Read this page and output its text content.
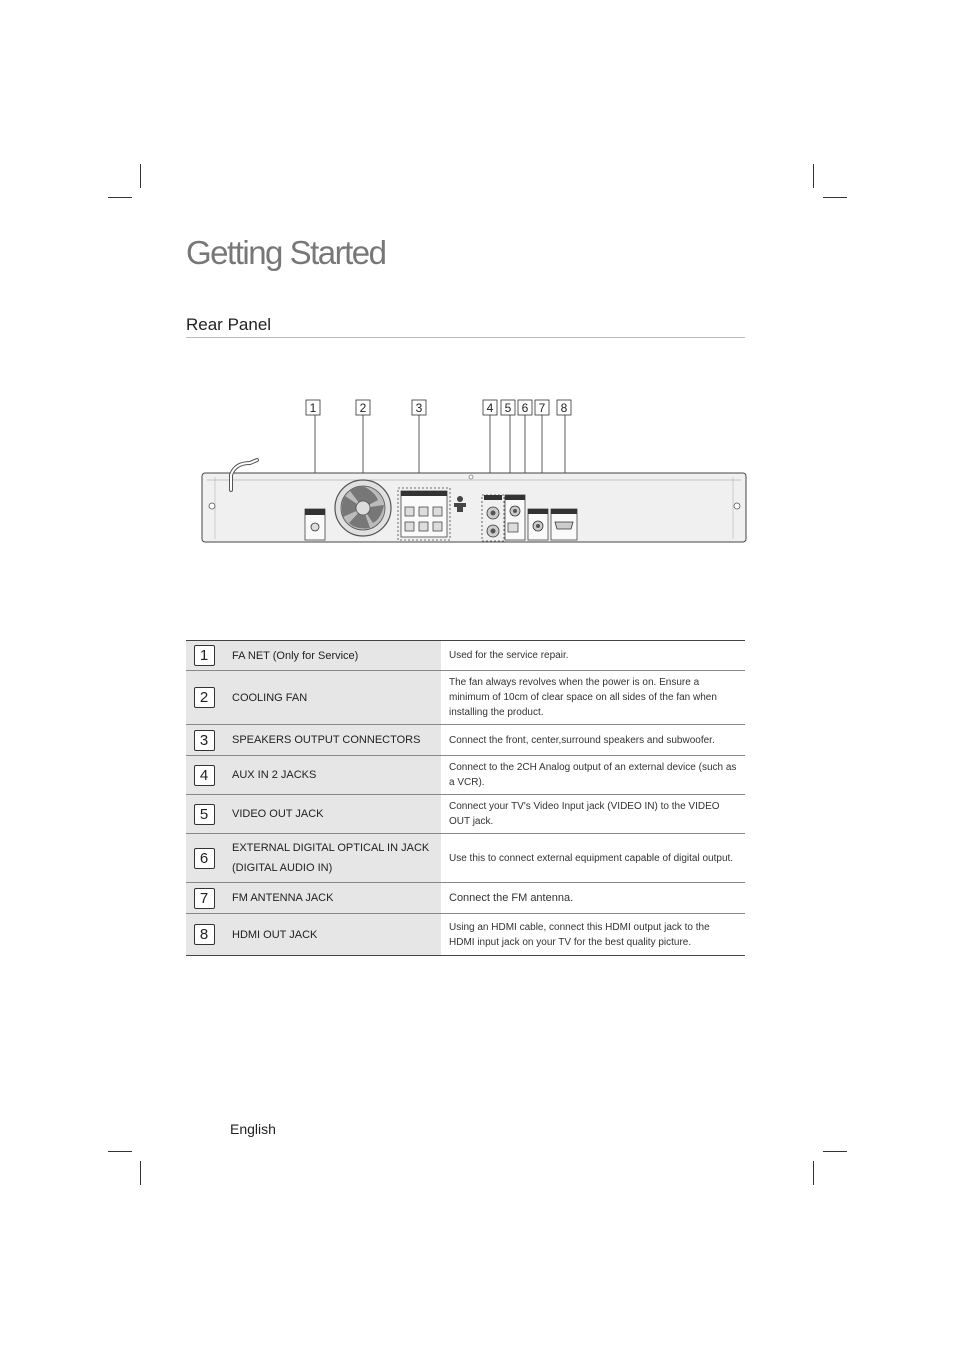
Getting Started
Rear Panel
1	2	3	4 5 6 7 8
1	FA NET (Only for Service)	Used for the service repair.
2	COOLING FAN	The fan always revolves when the power is on. Ensure a minimum of 10cm of clear space on all sides of the fan when installing the product.
3	SPEAKERS OUTPUT CONNECTORS	Connect the front, center,surround speakers and subwoofer.
4	AUX IN 2 JACKS	Connect to the 2CH Analog output of an external device (such as a VCR).
5	VIDEO OUT JACK	Connect your TV's Video Input jack (VIDEO IN) to the VIDEO OUT jack.
6	EXTERNAL DIGITAL OPTICAL IN JACK (DIGITAL AUDIO IN)	Use this to connect external equipment capable of digital output.
7	FM ANTENNA JACK	Connect the FM antenna.
8	HDMI OUT JACK	Using an HDMI cable, connect this HDMI output jack to the HDMI input jack on your TV for the best quality picture.
English
